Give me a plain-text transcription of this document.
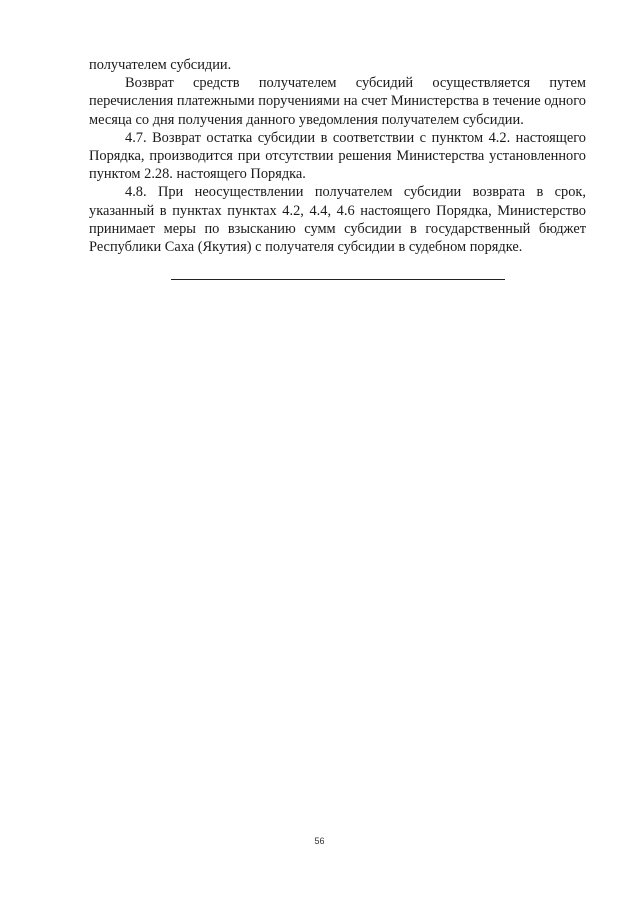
получателем субсидии.

Возврат средств получателем субсидий осуществляется путем перечисления платежными поручениями на счет Министерства в течение одного месяца со дня получения данного уведомления получателем субсидии.

4.7. Возврат остатка субсидии в соответствии с пунктом 4.2. настоящего Порядка, производится при отсутствии решения Министерства установленного пунктом 2.28. настоящего Порядка.

4.8. При неосуществлении получателем субсидии возврата в срок, указанный в пунктах пунктах 4.2, 4.4, 4.6 настоящего Порядка, Министерство принимает меры по взысканию сумм субсидии в государственный бюджет Республики Саха (Якутия) с получателя субсидии в судебном порядке.

56
